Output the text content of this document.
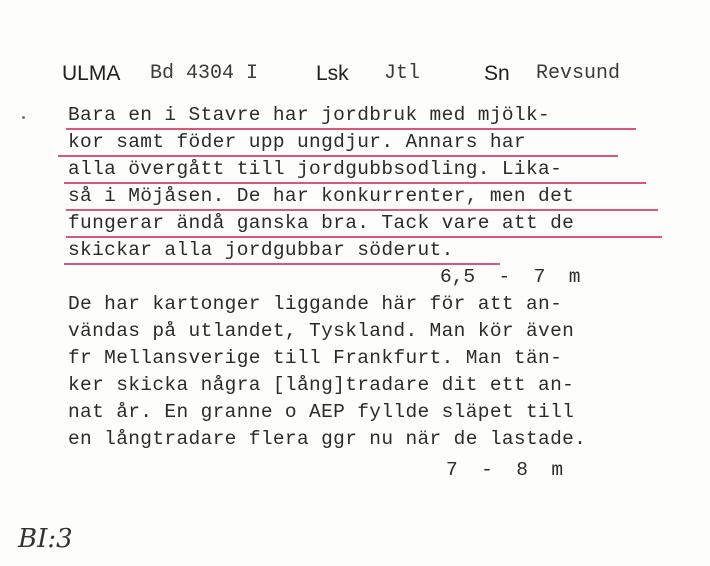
ULMA Bd 4304 I	Lsk Jtl	Sn Revsund
Bara en i Stavre har jordbruk med mjölk-
kor samt föder upp ungdjur. Annars har
alla övergått till jordgubbsodling. Lika-
så i Möjåsen. De har konkurrenter, men det
fungerar ändå ganska bra. Tack vare att de
skickar alla jordgubbar söderut.
6,5  -  7  m
De har kartonger liggande här för att an-
vändas på utlandet, Tyskland. Man kör även
fr Mellansverige till Frankfurt. Man tän-
ker skicka några [lång]tradare dit ett an-
nat år. En granne o AEP fyllde släpet till
en långtradare flera ggr nu när de lastade.
7  -  8  m
BI:3
